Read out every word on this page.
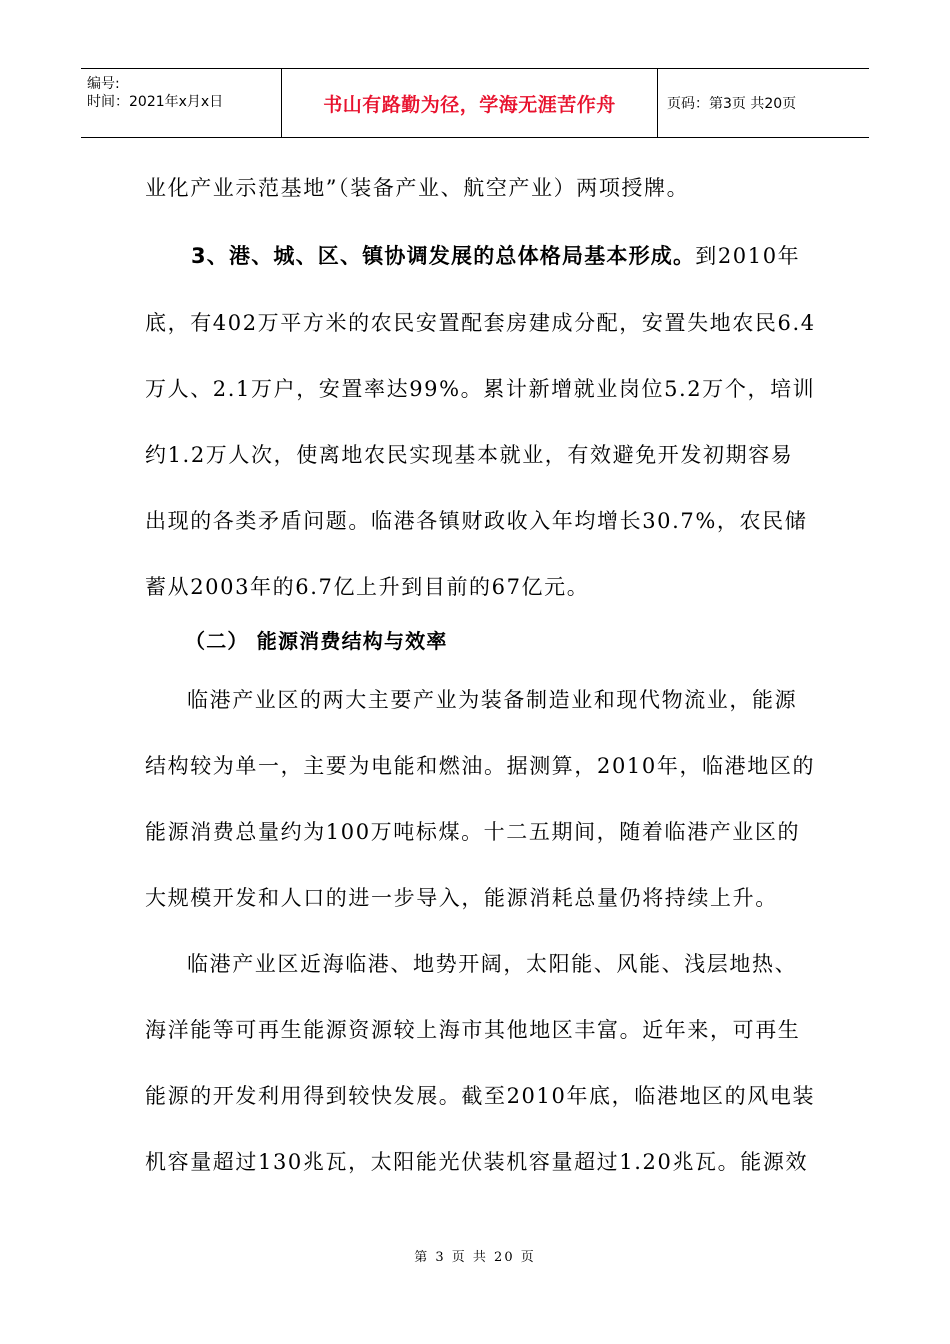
编号:
时间：2021年x月x日	书山有路勤为径，学海无涯苦作舟	页码：第3页 共20页
业化产业示范基地”（装备产业、航空产业）两项授牌。
3、港、城、区、镇协调发展的总体格局基本形成。到2010年
底，有402万平方米的农民安置配套房建成分配，安置失地农民6.4
万人、2.1万户，安置率达99%。累计新增就业岗位5.2万个，培训
约1.2万人次，使离地农民实现基本就业，有效避免开发初期容易
出现的各类矛盾问题。临港各镇财政收入年均增长30.7%，农民储
蓄从2003年的6.7亿上升到目前的67亿元。
（二） 能源消费结构与效率
临港产业区的两大主要产业为装备制造业和现代物流业，能源
结构较为单一，主要为电能和燃油。据测算，2010年，临港地区的
能源消费总量约为100万吨标煤。十二五期间，随着临港产业区的
大规模开发和人口的进一步导入，能源消耗总量仍将持续上升。
临港产业区近海临港、地势开阔，太阳能、风能、浅层地热、
海洋能等可再生能源资源较上海市其他地区丰富。近年来，可再生
能源的开发利用得到较快发展。截至2010年底，临港地区的风电装
机容量超过130兆瓦，太阳能光伏装机容量超过1.20兆瓦。能源效
第 3 页 共 20 页
